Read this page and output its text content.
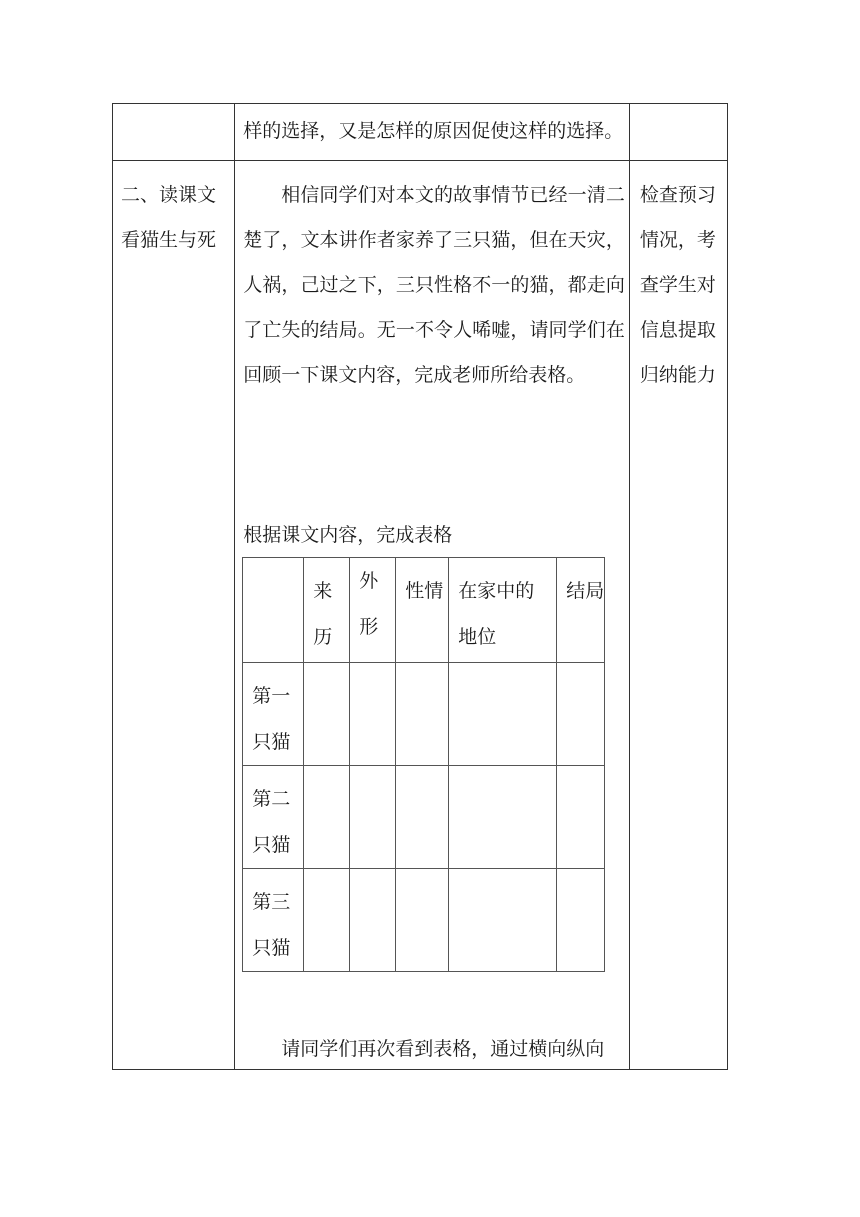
	样的选择，又是怎样的原因促使这样的选择。	

二、读课文
看猫生与死

相信同学们对本文的故事情节已经一清二楚了，文本讲作者家养了三只猫，但在天灾，人祸，己过之下，三只性格不一的猫，都走向了亡失的结局。无一不令人唏嘘，请同学们在回顾一下课文内容，完成老师所给表格。

根据课文内容，完成表格
	来历	外形	性情	在家中的地位	结局
第一只猫					
第二只猫					
第三只猫					
请同学们再次看到表格，通过横向纵向
	检查预习情况，考查学生对信息提取归纳能力
